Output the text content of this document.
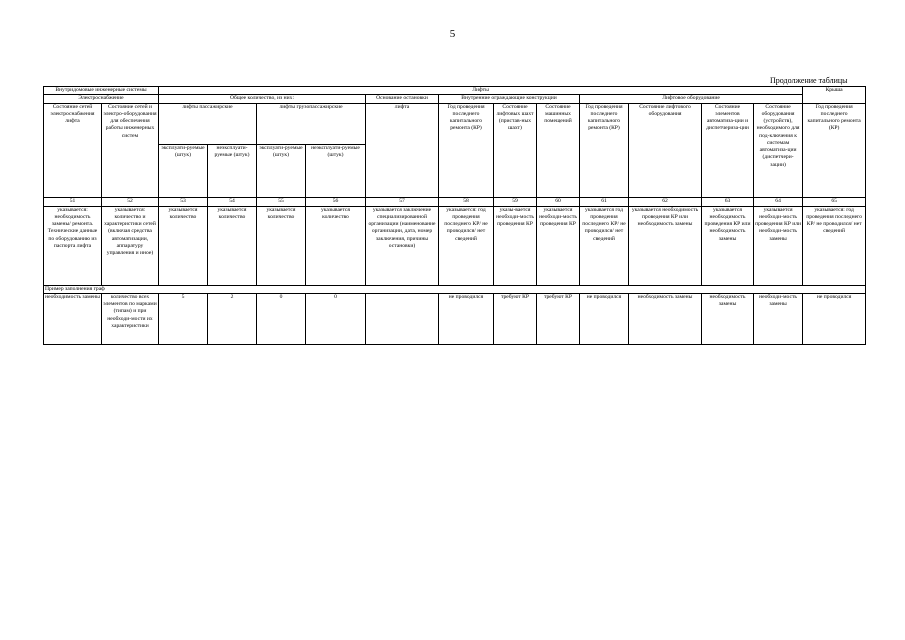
5
Продолжение таблицы
Внутридомовые инженерные системы		Лифты												Крыша
Электроснабжение		Общее количество, из них:				Основание остановки	Внутренние ограждающие конструкции			Лифтовое оборудование				
Состояние сетей электроснабжения лифта	Состояние сетей и электро-оборудования для обеспечения работы инженерных систем	лифты пассажирские		лифты грузопассажирские		лифта	Год проведения последнего капитального ремонта (КР)	Состояние лифтовых шахт (пристав-ных шахт)	Состояние машинных помещений	Год проведения последнего капитального ремонта (КР)	Состояние лифтового оборудования	Состояние элементов автоматиза-ции и диспетчериза-ции	Состояние оборудования (устройств), необходимого для под-ключения к системам автоматиза-ции (диспетчери-зации)	Год проведения последнего капитального ремонта (КР)
		эксплуати-руемые (штук)	неэксплуати-руемые (штук)	эксплуати-руемые (штук)	неэксплуати-руемые (штук)									
51	52	53	54	55	56	57	58	59	60	61	62	63	64	65
указывается: необходимость замены/ ремонта. Технические данные по оборудованию из паспорта лифта	указывается: количество и характеристики сетей (включая средства автоматизации, аппаратуру управления и иное)	указывается количество	указывается количество	указывается количество	указывается количество	указывается заключение специализированной организации (наименование организации, дата, номер заключения, причины остановки)	указывается: год проведения последнего КР/ не проводился/ нет сведений	указы-вается необходи-мость проведения КР	указывается необходи-мость проведения КР	указывается год проведения последнего КР/ не проводился/ нет сведений	указывается необходимость проведения КР или необходимость замены	указывается необходимость проведения КР или необходимость замены	указывается необходи-мость проведения КР или необходи-мость замены	указывается: год проведения последнего КР/ не проводился/ нет сведений
Пример заполнения граф														
необходимость замены	количество всех элементов по марками (типам) и при необходи-мости их характеристики	5	2	0	0		не проводился	требуют КР	требуют КР	не проводился	необходимость замены	необходимость замены	необходи-мость замены	не проводился
